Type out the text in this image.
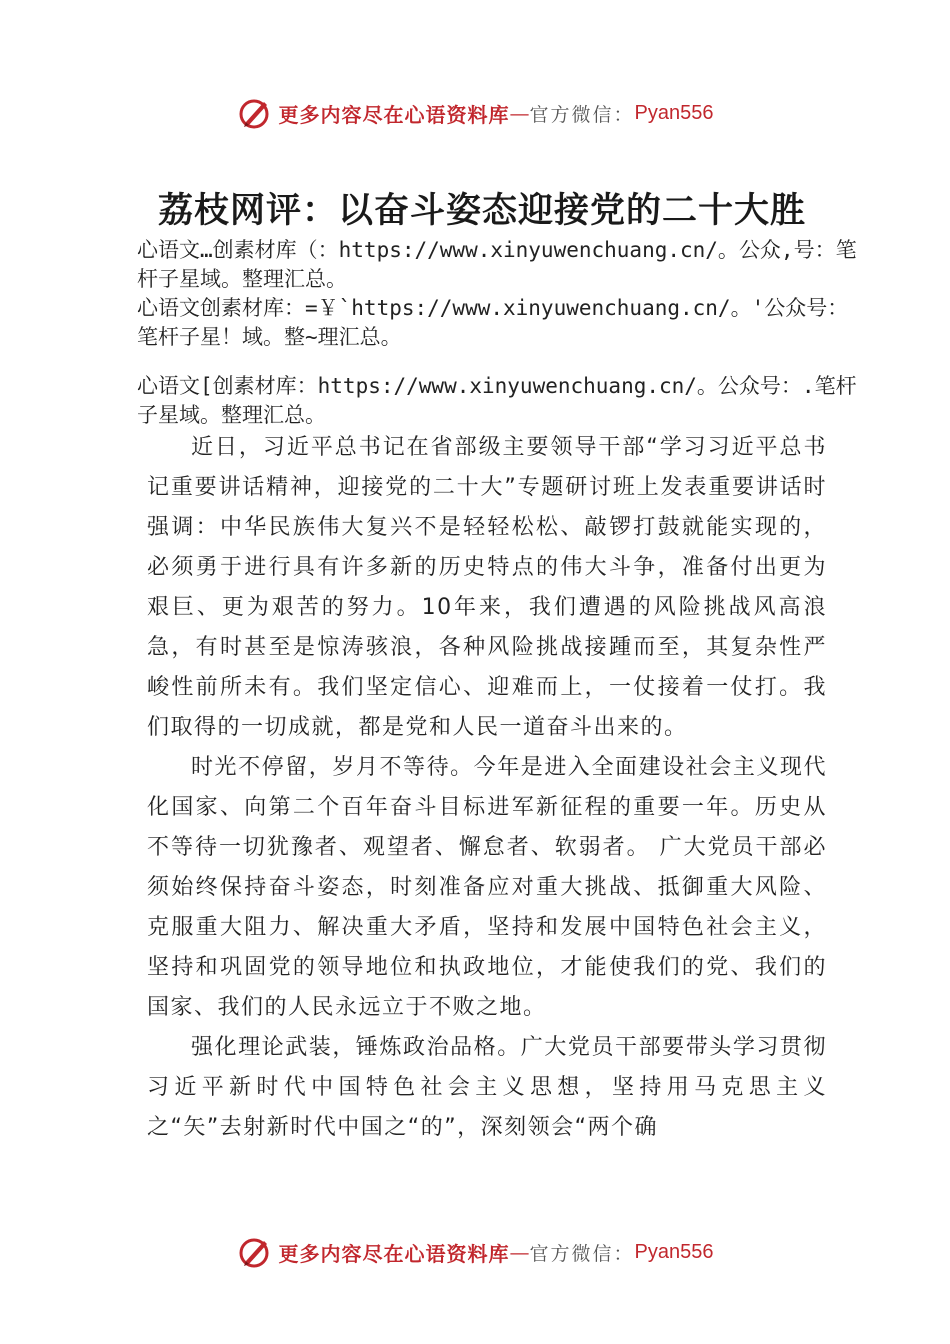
更多内容尽在心语资料库 — 官方微信： Pyan556
荔枝网评：以奋斗姿态迎接党的二十大胜
心语文…创素材库（：https://www.xinyuwenchuang.cn/。公众,号：笔杆子星域。整理汇总。
心语文创素材库：=￥`https://www.xinyuwenchuang.cn/。'公众号：笔杆子星！域。整~理汇总。
心语文[创素材库：https://www.xinyuwenchuang.cn/。公众号：.笔杆子星域。整理汇总。

近日，习近平总书记在省部级主要领导干部“学习习近平总书记重要讲话精神，迎接党的二十大”专题研讨班上发表重要讲话时强调：中华民族伟大复兴不是轻轻松松、敲锣打鼓就能实现的，必须勇于进行具有许多新的历史特点的伟大斗争，准备付出更为艰巨、更为艰苦的努力。10年来，我们遭遇的风险挑战风高浪急，有时甚至是惊涛骇浪，各种风险挑战接踵而至，其复杂性严峻性前所未有。我们坚定信心、迎难而上，一仗接着一仗打。我们取得的一切成就，都是党和人民一道奋斗出来的。

时光不停留，岁月不等待。今年是进入全面建设社会主义现代化国家、向第二个百年奋斗目标进军新征程的重要一年。历史从不等待一切犹豫者、观望者、懈怠者、软弱者。 广大党员干部必须始终保持奋斗姿态，时刻准备应对重大挑战、抵御重大风险、克服重大阻力、解决重大矛盾，坚持和发展中国特色社会主义，坚持和巩固党的领导地位和执政地位，才能使我们的党、我们的国家、我们的人民永远立于不败之地。

强化理论武装，锤炼政治品格。广大党员干部要带头学习贯彻习近平新时代中国特色社会主义思想，坚持用马克思主义之“矢”去射新时代中国之“的”，深刻领会“两个确

更多内容尽在心语资料库 — 官方微信： Pyan556
